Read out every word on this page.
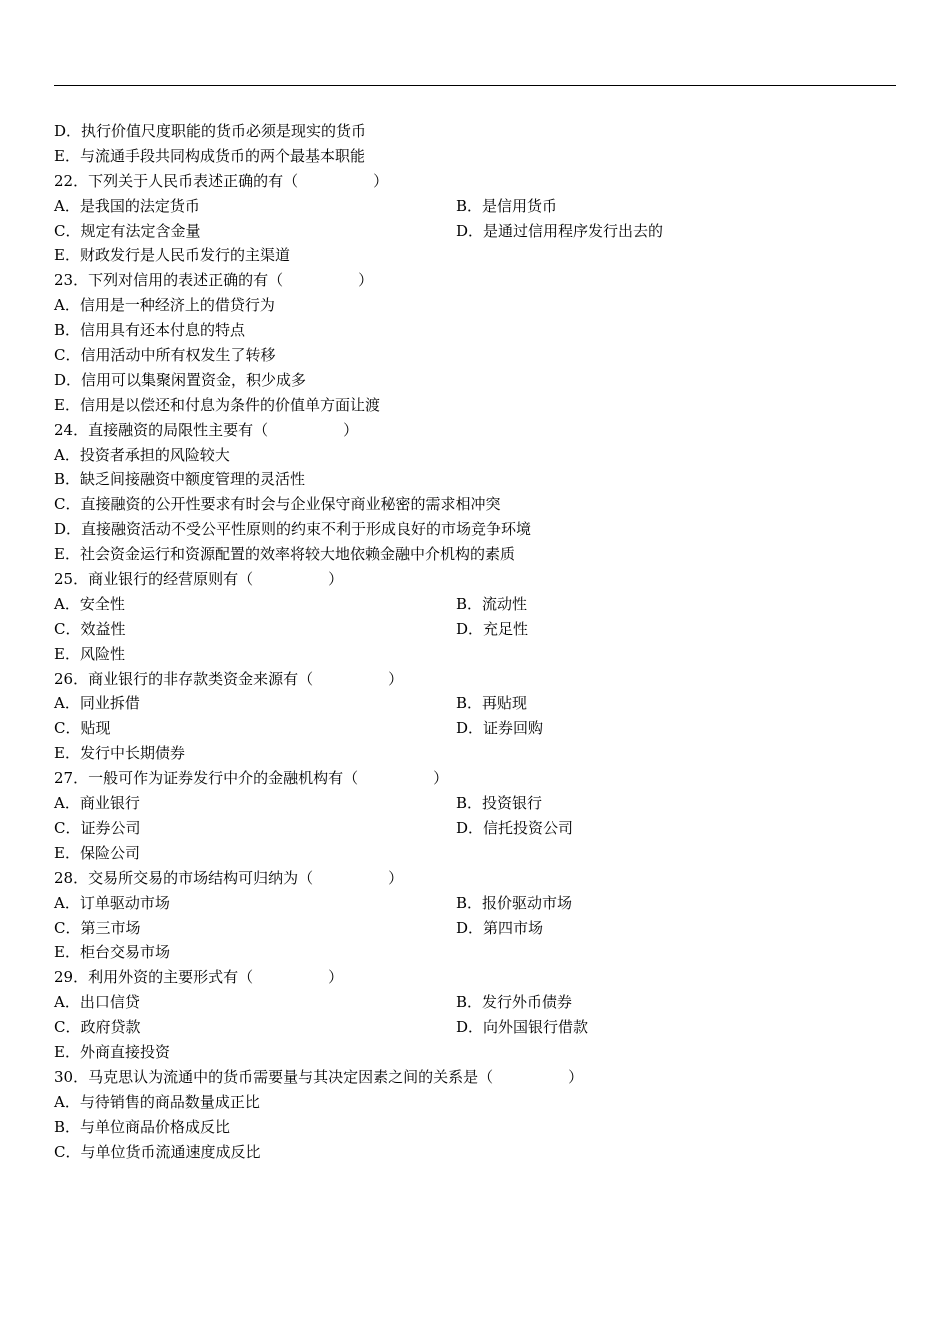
D．执行价值尺度职能的货币必须是现实的货币
E．与流通手段共同构成货币的两个最基本职能
22．下列关于人民币表述正确的有（　　　　　）
A．是我国的法定货币	B．是信用货币
C．规定有法定含金量	D．是通过信用程序发行出去的
E．财政发行是人民币发行的主渠道
23．下列对信用的表述正确的有（　　　　　）
A．信用是一种经济上的借贷行为
B．信用具有还本付息的特点
C．信用活动中所有权发生了转移
D．信用可以集聚闲置资金，积少成多
E．信用是以偿还和付息为条件的价值单方面让渡
24．直接融资的局限性主要有（　　　　　）
A．投资者承担的风险较大
B．缺乏间接融资中额度管理的灵活性
C．直接融资的公开性要求有时会与企业保守商业秘密的需求相冲突
D．直接融资活动不受公平性原则的约束不利于形成良好的市场竞争环境
E．社会资金运行和资源配置的效率将较大地依赖金融中介机构的素质
25．商业银行的经营原则有（　　　　　）
A．安全性	B．流动性
C．效益性	D．充足性
E．风险性
26．商业银行的非存款类资金来源有（　　　　　）
A．同业拆借	B．再贴现
C．贴现	D．证券回购
E．发行中长期债券
27．一般可作为证券发行中介的金融机构有（　　　　　）
A．商业银行	B．投资银行
C．证券公司	D．信托投资公司
E．保险公司
28．交易所交易的市场结构可归纳为（　　　　　）
A．订单驱动市场	B．报价驱动市场
C．第三市场	D．第四市场
E．柜台交易市场
29．利用外资的主要形式有（　　　　　）
A．出口信贷	B．发行外币债券
C．政府贷款	D．向外国银行借款
E．外商直接投资
30．马克思认为流通中的货币需要量与其决定因素之间的关系是（　　　　　）
A．与待销售的商品数量成正比
B．与单位商品价格成反比
C．与单位货币流通速度成反比
